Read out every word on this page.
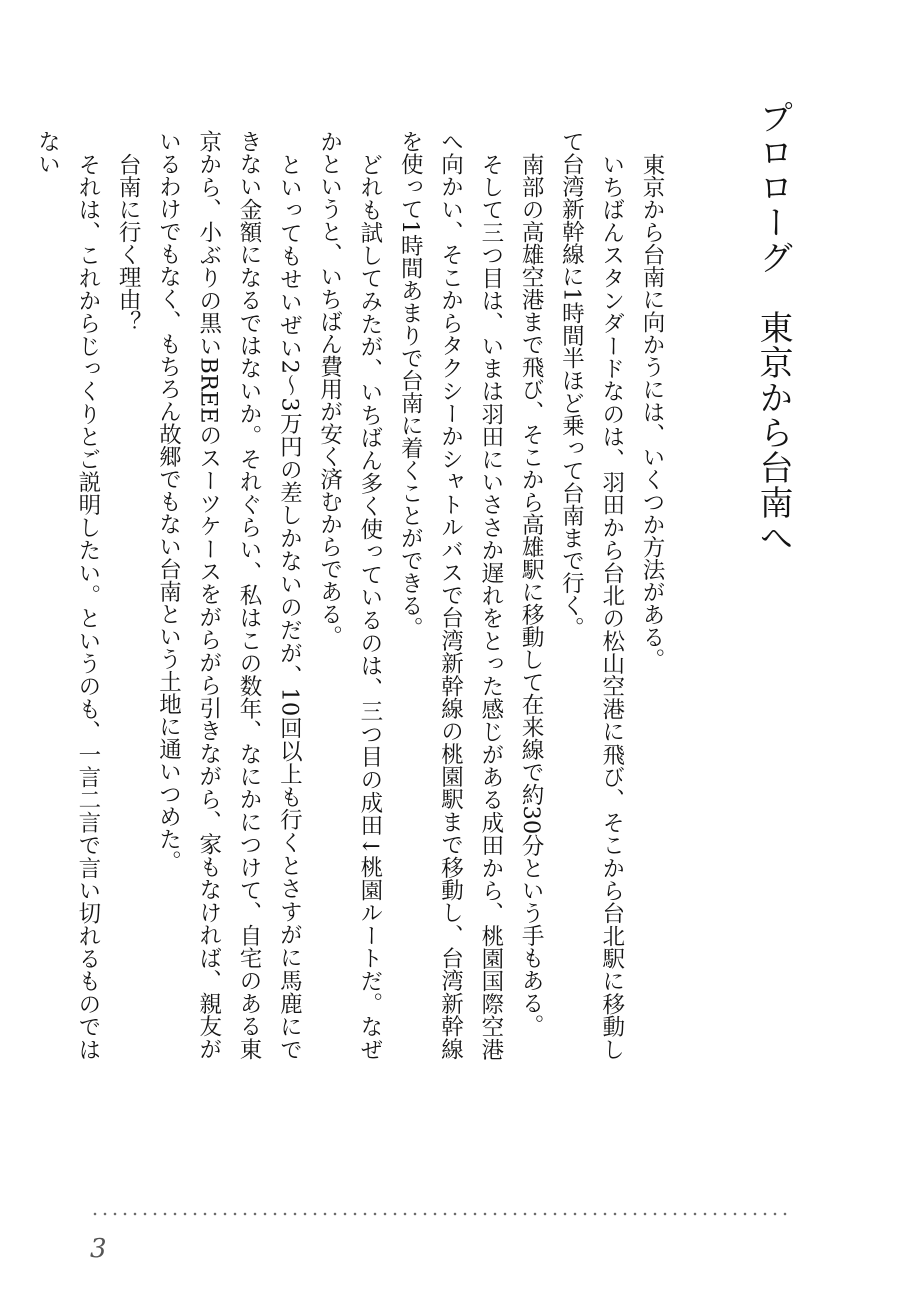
プロローグ　東京から台南へ

東京から台南に向かうには、いくつか方法がある。

いちばんスタンダードなのは、羽田から台北の松山空港に飛び、そこから台北駅に移動して台湾新幹線に1時間半ほど乗って台南まで行く。

南部の高雄空港まで飛び、そこから高雄駅に移動して在来線で約30分という手もある。

そして三つ目は、いまは羽田にいささか遅れをとった感じがある成田から、桃園国際空港へ向かい、そこからタクシーかシャトルバスで台湾新幹線の桃園駅まで移動し、台湾新幹線を使って1時間あまりで台南に着くことができる。

どれも試してみたが、いちばん多く使っているのは、三つ目の成田↓桃園ルートだ。なぜかというと、いちばん費用が安く済むからである。

といってもせいぜい2～3万円の差しかないのだが、10回以上も行くとさすがに馬鹿にできない金額になるではないか。それぐらい、私はこの数年、なにかにつけて、自宅のある東京から、小ぶりの黒いBREEのスーツケースをがらがら引きながら、家もなければ、親友がいるわけでもなく、もちろん故郷でもない台南という土地に通いつめた。

台南に行く理由？

それは、これからじっくりとご説明したい。というのも、一言二言で言い切れるものではない

3
